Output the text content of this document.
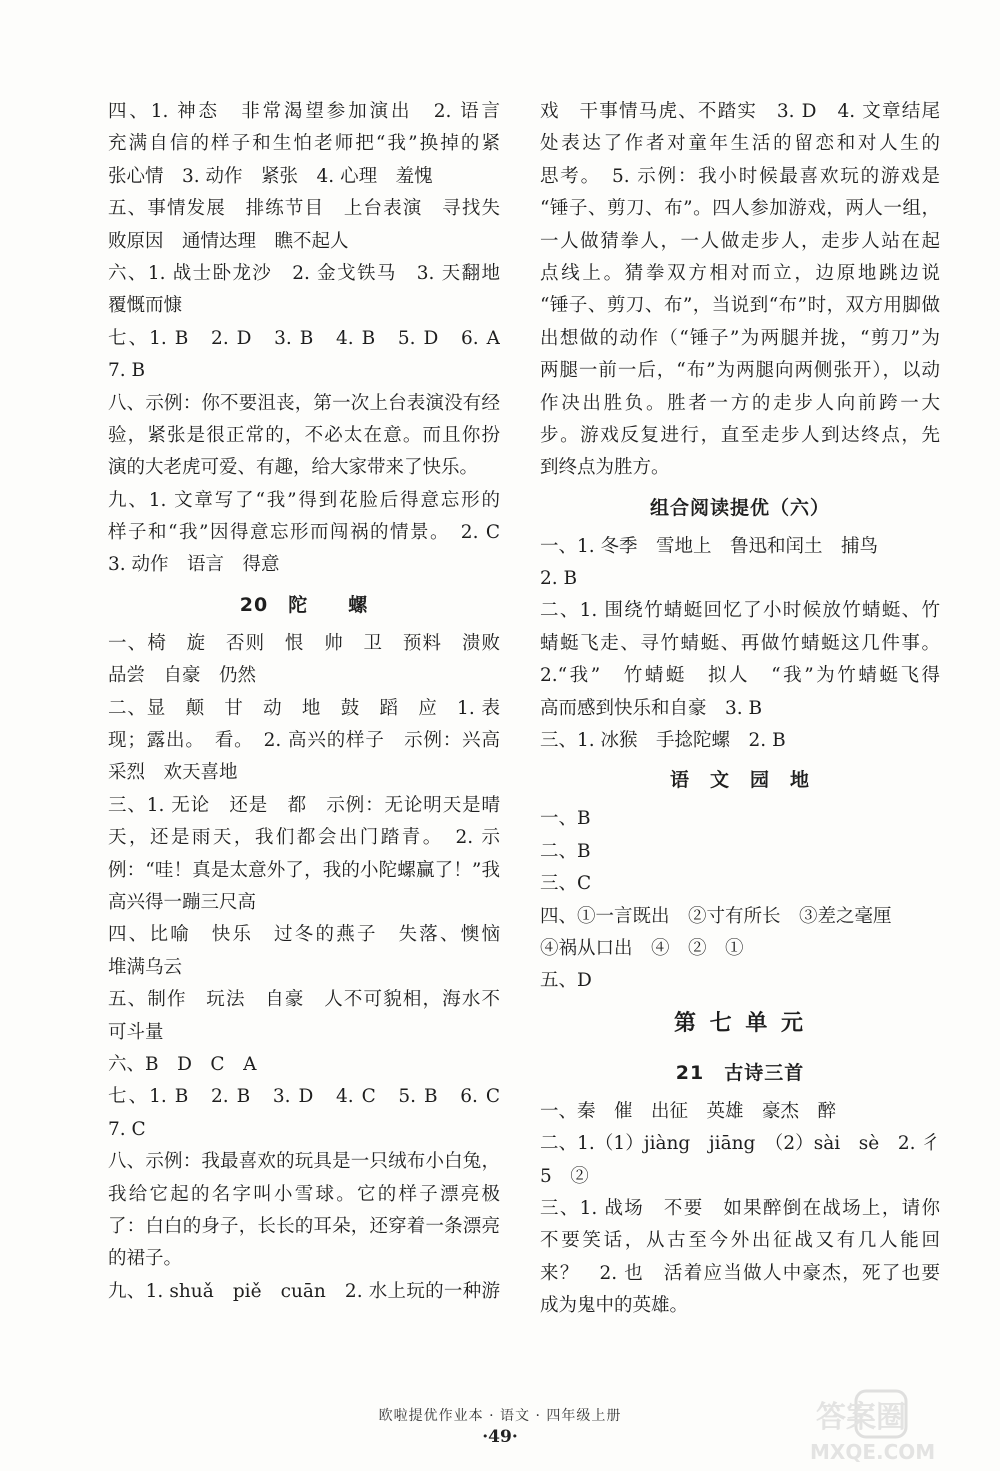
四、1. 神态　非常渴望参加演出　2. 语言
充满自信的样子和生怕老师把“我”换掉的紧
张心情　3. 动作　紧张　4. 心理　羞愧
五、事情发展　排练节目　上台表演　寻找失
败原因　通情达理　瞧不起人
六、1. 战士卧龙沙　2. 金戈铁马　3. 天翻地
覆慨而慷
七、1. B　2. D　3. B　4. B　5. D　6. A
7. B
八、示例：你不要沮丧，第一次上台表演没有经
验，紧张是很正常的，不必太在意。而且你扮
演的大老虎可爱、有趣，给大家带来了快乐。
九、1. 文章写了“我”得到花脸后得意忘形的
样子和“我”因得意忘形而闯祸的情景。　2. C
3. 动作　语言　得意
20　陀　　螺
一、椅　旋　否则　恨　帅　卫　预料　溃败
品尝　自豪　仍然
二、显　颠　甘　动　地　鼓　蹈　应　1. 表
现；露出。　看。　2. 高兴的样子　示例：兴高
采烈　欢天喜地
三、1. 无论　还是　都　示例：无论明天是晴
天，还是雨天，我们都会出门踏青。　2. 示
例：“哇！真是太意外了，我的小陀螺赢了！”我
高兴得一蹦三尺高
四、比喻　快乐　过冬的燕子　失落、懊恼
堆满乌云
五、制作　玩法　自豪　人不可貌相，海水不
可斗量
六、B　D　C　A
七、1. B　2. B　3. D　4. C　5. B　6. C
7. C
八、示例：我最喜欢的玩具是一只绒布小白兔，
我给它起的名字叫小雪球。它的样子漂亮极
了：白白的身子，长长的耳朵，还穿着一条漂亮
的裙子。
九、1. shuǎ　piě　cuān　2. 水上玩的一种游
戏　干事情马虎、不踏实　3. D　4. 文章结尾
处表达了作者对童年生活的留恋和对人生的
思考。　5. 示例：我小时候最喜欢玩的游戏是
“锤子、剪刀、布”。四人参加游戏，两人一组，
一人做猜拳人，一人做走步人，走步人站在起
点线上。猜拳双方相对而立，边原地跳边说
“锤子、剪刀、布”，当说到“布”时，双方用脚做
出想做的动作（“锤子”为两腿并拢，“剪刀”为
两腿一前一后，“布”为两腿向两侧张开），以动
作决出胜负。胜者一方的走步人向前跨一大
步。游戏反复进行，直至走步人到达终点，先
到终点为胜方。
组合阅读提优（六）
一、1. 冬季　雪地上　鲁迅和闰土　捕鸟
2. B
二、1. 围绕竹蜻蜓回忆了小时候放竹蜻蜓、竹
蜻蜓飞走、寻竹蜻蜓、再做竹蜻蜓这几件事。
2.“我”　竹蜻蜓　拟人　“我”为竹蜻蜓飞得
高而感到快乐和自豪　3. B
三、1. 冰猴　手捻陀螺　2. B
语　文　园　地
一、B
二、B
三、C
四、①一言既出　②寸有所长　③差之毫厘
④祸从口出　④　②　①
五、D
第 七 单 元
21　古诗三首
一、秦　催　出征　英雄　豪杰　醉
二、1.（1）jiàng　jiāng　（2）sài　sè　2. 彳
5　②
三、1. 战场　不要　如果醉倒在战场上，请你
不要笑话，从古至今外出征战又有几人能回
来？　2. 也　活着应当做人中豪杰，死了也要
成为鬼中的英雄。
欧啦提优作业本 · 语文 · 四年级上册
·49·
答案圈
MXQE.COM
